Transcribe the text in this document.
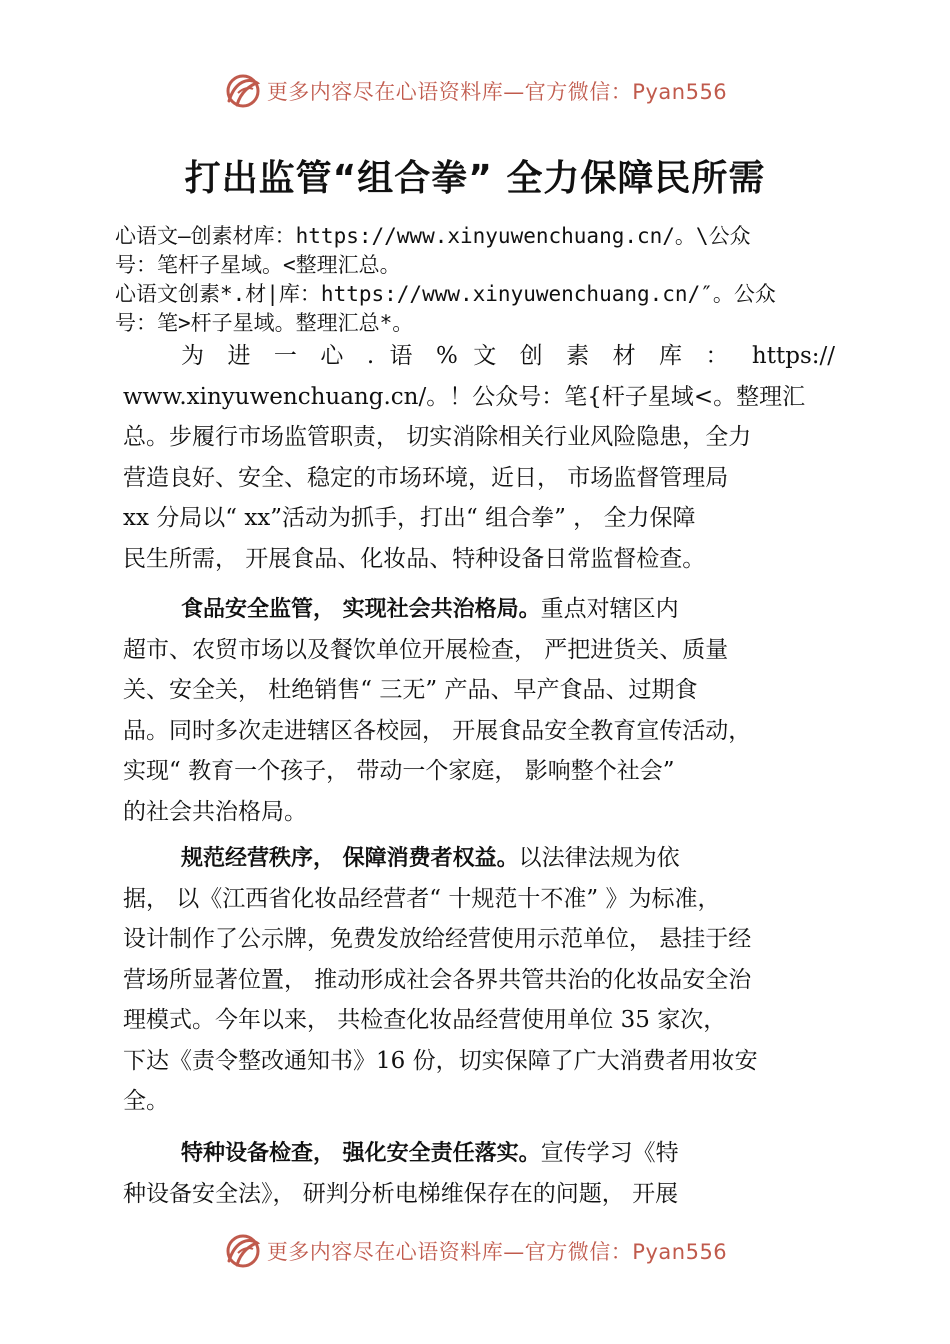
更多内容尽在心语资料库—官方微信：Pyan556
打出监管“组合拳” 全力保障民所需
心语文—创素材库：https://www.xinyuwenchuang.cn/。\公众
号：笔杆子星域。<整理汇总。
心语文创素*.材|库：https://www.xinyuwenchuang.cn/″。公众
号：笔>杆子星域。整理汇总*。
为 进 一 心 . 语 % 文 创 素 材 库 ： https://
www.xinyuwenchuang.cn/。！公众号：笔{杆子星域<。整理汇
总。步履行市场监管职责， 切实消除相关行业风险隐患，全力
营造良好、安全、稳定的市场环境，近日， 市场监督管理局
xx 分局以“ xx”活动为抓手，打出“ 组合拳” ， 全力保障
民生所需， 开展食品、化妆品、特种设备日常监督检查。
食品安全监管， 实现社会共治格局。重点对辖区内
超市、农贸市场以及餐饮单位开展检查， 严把进货关、质量
关、安全关， 杜绝销售“ 三无” 产品、早产食品、过期食
品。同时多次走进辖区各校园， 开展食品安全教育宣传活动，
实现“ 教育一个孩子， 带动一个家庭， 影响整个社会”
的社会共治格局。
规范经营秩序， 保障消费者权益。以法律法规为依
据， 以《江西省化妆品经营者“ 十规范十不准” 》为标准，
设计制作了公示牌，免费发放给经营使用示范单位， 悬挂于经
营场所显著位置， 推动形成社会各界共管共治的化妆品安全治
理模式。今年以来， 共检查化妆品经营使用单位 35 家次，
下达《责令整改通知书》16 份，切实保障了广大消费者用妆安
全。
特种设备检查， 强化安全责任落实。宣传学习《特
种设备安全法》， 研判分析电梯维保存在的问题， 开展
更多内容尽在心语资料库—官方微信：Pyan556
